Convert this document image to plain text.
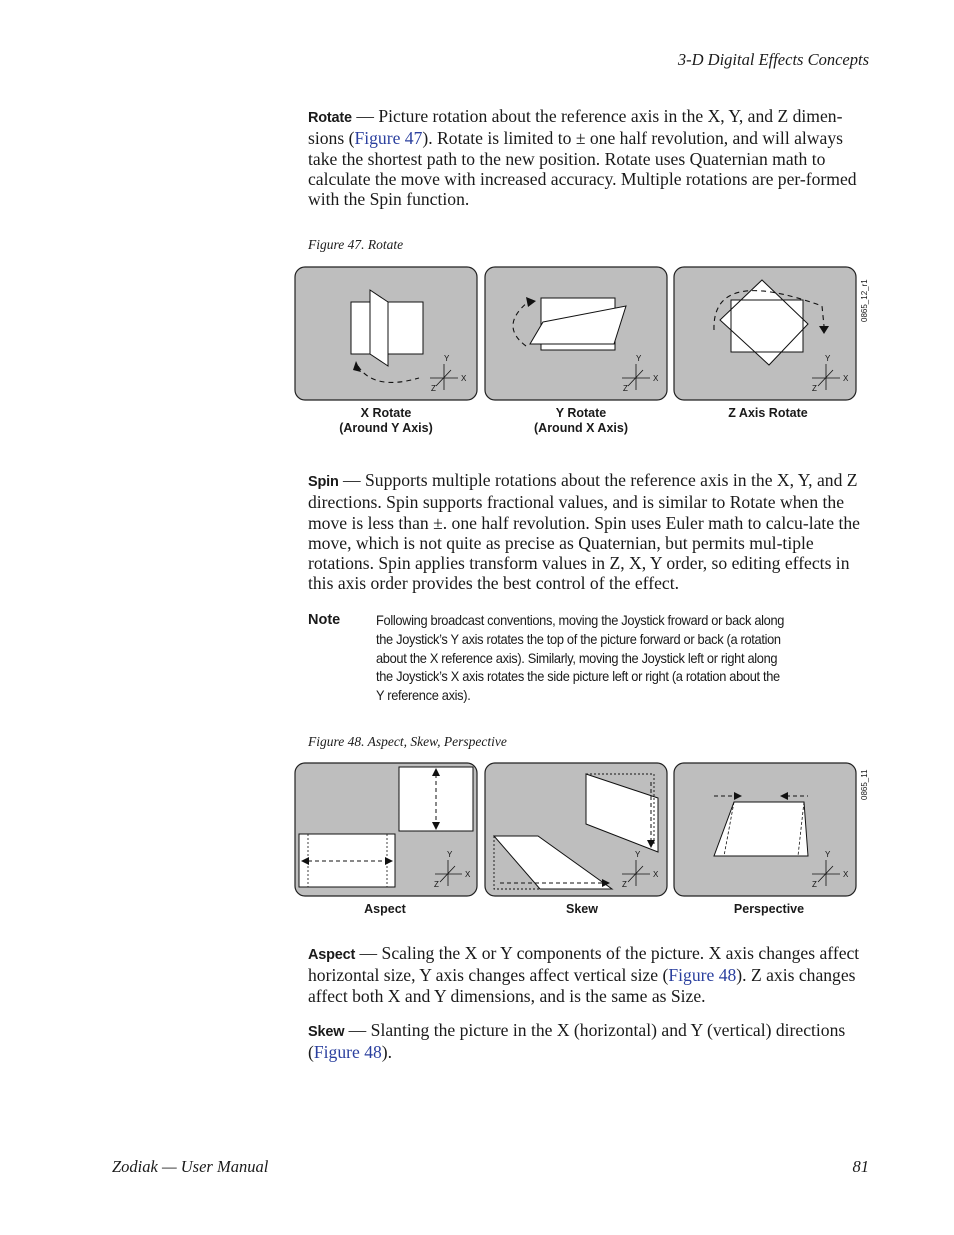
3-D Digital Effects Concepts
Rotate — Picture rotation about the reference axis in the X, Y, and Z dimen-sions (Figure 47). Rotate is limited to ± one half revolution, and will always take the shortest path to the new position. Rotate uses Quaternian math to calculate the move with increased accuracy. Multiple rotations are per-formed with the Spin function.
Figure 47. Rotate
Y
X
Z
Y
X
Z
Y
X
Z
0865_12_r1
X Rotate
(Around Y Axis)
Y Rotate
(Around X Axis)
Z Axis Rotate
Spin — Supports multiple rotations about the reference axis in the X, Y, and Z directions. Spin supports fractional values, and is similar to Rotate when the move is less than ±. one half revolution. Spin uses Euler math to calcu-late the move, which is not quite as precise as Quaternian, but permits mul-tiple rotations. Spin applies transform values in Z, X, Y order, so editing effects in this axis order provides the best control of the effect.
Note	Following broadcast conventions, moving the Joystick froward or back along
the Joystick’s Y axis rotates the top of the picture forward or back (a rotation
about the X reference axis). Similarly, moving the Joystick left or right along
the Joystick’s X axis rotates the side picture left or right (a rotation about the
Y reference axis).
Figure 48. Aspect, Skew, Perspective
Y
X
Z
Y
X
Z
Y
X
Z
0865_11
Aspect	Skew	Perspective
Aspect — Scaling the X or Y components of the picture. X axis changes affect horizontal size, Y axis changes affect vertical size (Figure 48). Z axis changes affect both X and Y dimensions, and is the same as Size.
Skew — Slanting the picture in the X (horizontal) and Y (vertical) directions (Figure 48).
Zodiak — User Manual	81
